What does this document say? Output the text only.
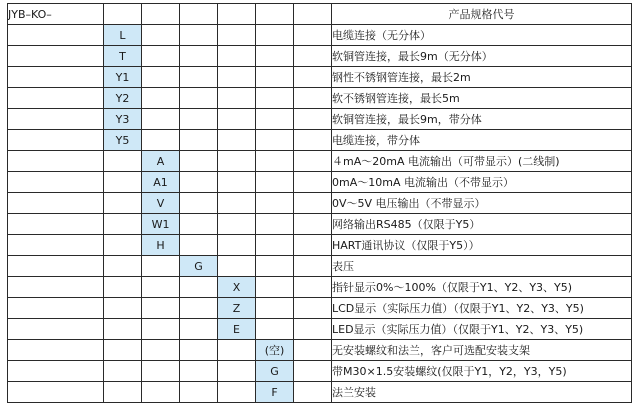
JYB–KO–							产品规格代号
	L						电缆连接（无分体）
	T						软铜管连接，最长9m（无分体）
	Y1						钢性不锈钢管连接，最长2m
	Y2						软不锈钢管连接，最长5m
	Y3						软铜管连接，最长9m，带分体
	Y5						电缆连接，带分体
		A					４mA～20mA 电流输出（可带显示）(二线制)
		A1					0mA～10mA 电流输出（不带显示）
		V					0V～5V 电压输出（不带显示）
		W1					网络输出RS485（仅限于Y5）
		H					HART通讯协议（仅限于Y5））
			G				表压
				X			指针显示0%～100%（仅限于Y1、Y2、Y3、Y5)
				Z			LCD显示（实际压力值）（仅限于Y1、Y2、Y3、Y5)
				E			LED显示（实际压力值）（仅限于Y1、Y2、Y3、Y5)
					(空)		无安装螺纹和法兰，客户可选配安装支架
					G		带M30×1.5安装螺纹(仅限于Y1，Y2，Y3，Y5)
					F		法兰安装
